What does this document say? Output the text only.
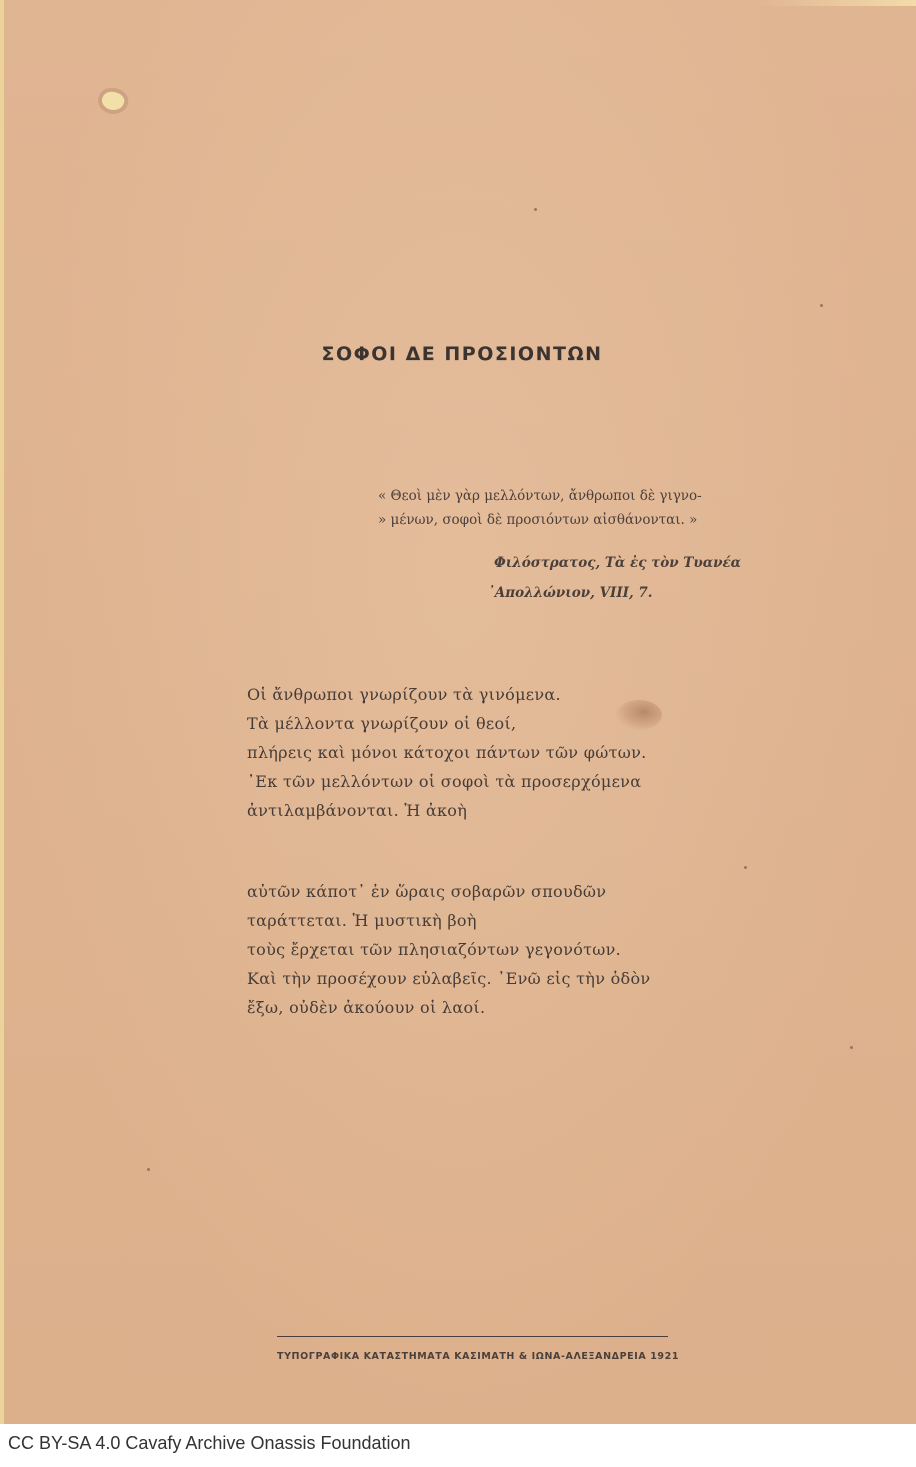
ΣΟΦΟΙ ΔΕ ΠΡΟΣΙΟΝΤΩΝ
« Θεοὶ μὲν γὰρ μελλόντων, ἄνθρωποι δὲ γιγνο-
» μένων, σοφοὶ δὲ προσιόντων αἰσθάνονται. »
Φιλόστρατος, Τὰ ἐς τὸν Τυανέα
᾿Απολλώνιον, VIII, 7.
Οἱ ἄνθρωποι γνωρίζουν τὰ γινόμενα.
Τὰ μέλλοντα γνωρίζουν οἱ θεοί,
πλήρεις καὶ μόνοι κάτοχοι πάντων τῶν φώτων.
᾿Εκ τῶν μελλόντων οἱ σοφοὶ τὰ προσερχόμενα
ἀντιλαμβάνονται. Ἡ ἀκοὴ
αὐτῶν κάποτ᾿ ἐν ὥραις σοβαρῶν σπουδῶν
ταράττεται. Ἡ μυστικὴ βοὴ
τοὺς ἔρχεται τῶν πλησιαζόντων γεγονότων.
Καὶ τὴν προσέχουν εὐλαβεῖς. ᾿Ενῶ εἰς τὴν ὁδὸν
ἔξω, οὐδὲν ἀκούουν οἱ λαοί.
ΤΥΠΟΓΡΑΦΙΚΑ ΚΑΤΑΣΤΗΜΑΤΑ ΚΑΣΙΜΑΤΗ & ΙΩΝΑ-ΑΛΕΞΑΝΔΡΕΙΑ 1921
CC BY-SA 4.0 Cavafy Archive Onassis Foundation
